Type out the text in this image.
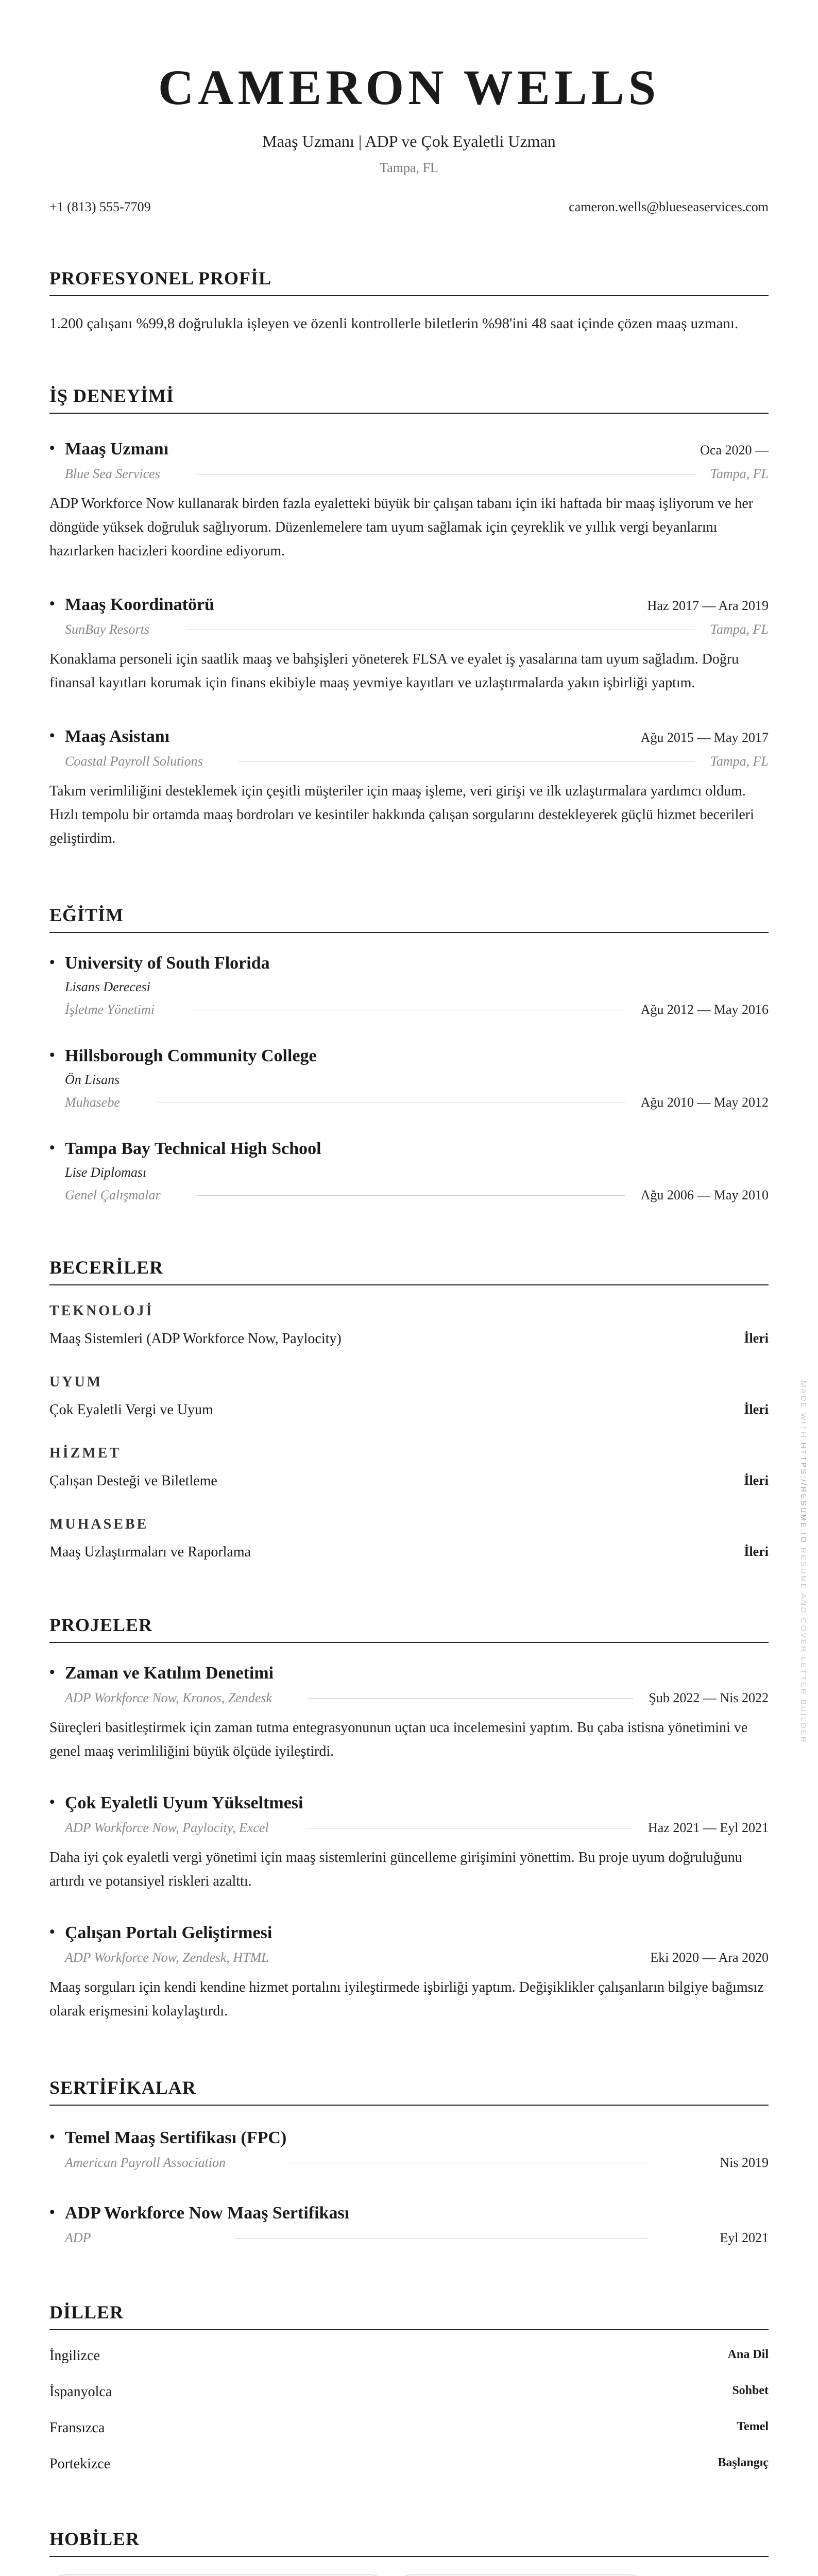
CAMERON WELLS
Maaş Uzmanı | ADP ve Çok Eyaletli Uzman
Tampa, FL
+1 (813) 555-7709	cameron.wells@blueseaservices.com
PROFESYONEL PROFİL
1.200 çalışanı %99,8 doğrulukla işleyen ve özenli kontrollerle biletlerin %98'ini 48 saat içinde çözen maaş uzmanı.
İŞ DENEYİMİ
• Maaş Uzmanı	Oca 2020 —
Blue Sea Services	Tampa, FL
ADP Workforce Now kullanarak birden fazla eyaletteki büyük bir çalışan tabanı için iki haftada bir maaş işliyorum ve her döngüde yüksek doğruluk sağlıyorum. Düzenlemelere tam uyum sağlamak için çeyreklik ve yıllık vergi beyanlarını hazırlarken hacizleri koordine ediyorum.
• Maaş Koordinatörü	Haz 2017 — Ara 2019
SunBay Resorts	Tampa, FL
Konaklama personeli için saatlik maaş ve bahşişleri yöneterek FLSA ve eyalet iş yasalarına tam uyum sağladım. Doğru finansal kayıtları korumak için finans ekibiyle maaş yevmiye kayıtları ve uzlaştırmalarda yakın işbirliği yaptım.
• Maaş Asistanı	Ağu 2015 — May 2017
Coastal Payroll Solutions	Tampa, FL
Takım verimliliğini desteklemek için çeşitli müşteriler için maaş işleme, veri girişi ve ilk uzlaştırmalara yardımcı oldum. Hızlı tempolu bir ortamda maaş bordroları ve kesintiler hakkında çalışan sorgularını destekleyerek güçlü hizmet becerileri geliştirdim.
EĞİTİM
• University of South Florida
Lisans Derecesi
İşletme Yönetimi	Ağu 2012 — May 2016
• Hillsborough Community College
Ön Lisans
Muhasebe	Ağu 2010 — May 2012
• Tampa Bay Technical High School
Lise Diploması
Genel Çalışmalar	Ağu 2006 — May 2010
BECERİLER
TEKNOLOJİ
Maaş Sistemleri (ADP Workforce Now, Paylocity)	İleri
UYUM
Çok Eyaletli Vergi ve Uyum	İleri
HİZMET
Çalışan Desteği ve Biletleme	İleri
MUHASEBE
Maaş Uzlaştırmaları ve Raporlama	İleri
PROJELER
• Zaman ve Katılım Denetimi
ADP Workforce Now, Kronos, Zendesk	Şub 2022 — Nis 2022
Süreçleri basitleştirmek için zaman tutma entegrasyonunun uçtan uca incelemesini yaptım. Bu çaba istisna yönetimini ve genel maaş verimliliğini büyük ölçüde iyileştirdi.
• Çok Eyaletli Uyum Yükseltmesi
ADP Workforce Now, Paylocity, Excel	Haz 2021 — Eyl 2021
Daha iyi çok eyaletli vergi yönetimi için maaş sistemlerini güncelleme girişimini yönettim. Bu proje uyum doğruluğunu artırdı ve potansiyel riskleri azalttı.
• Çalışan Portalı Geliştirmesi
ADP Workforce Now, Zendesk, HTML	Eki 2020 — Ara 2020
Maaş sorguları için kendi kendine hizmet portalını iyileştirmede işbirliği yaptım. Değişiklikler çalışanların bilgiye bağımsız olarak erişmesini kolaylaştırdı.
SERTİFİKALAR
• Temel Maaş Sertifikası (FPC)
American Payroll Association	Nis 2019
• ADP Workforce Now Maaş Sertifikası
ADP	Eyl 2021
DİLLER
İngilizce	Ana Dil
İspanyolca	Sohbet
Fransızca	Temel
Portekizce	Başlangıç
HOBİLER
MADE WITH HTTPS://RESUME.IO RESUME AND COVER LETTER BUILDER
